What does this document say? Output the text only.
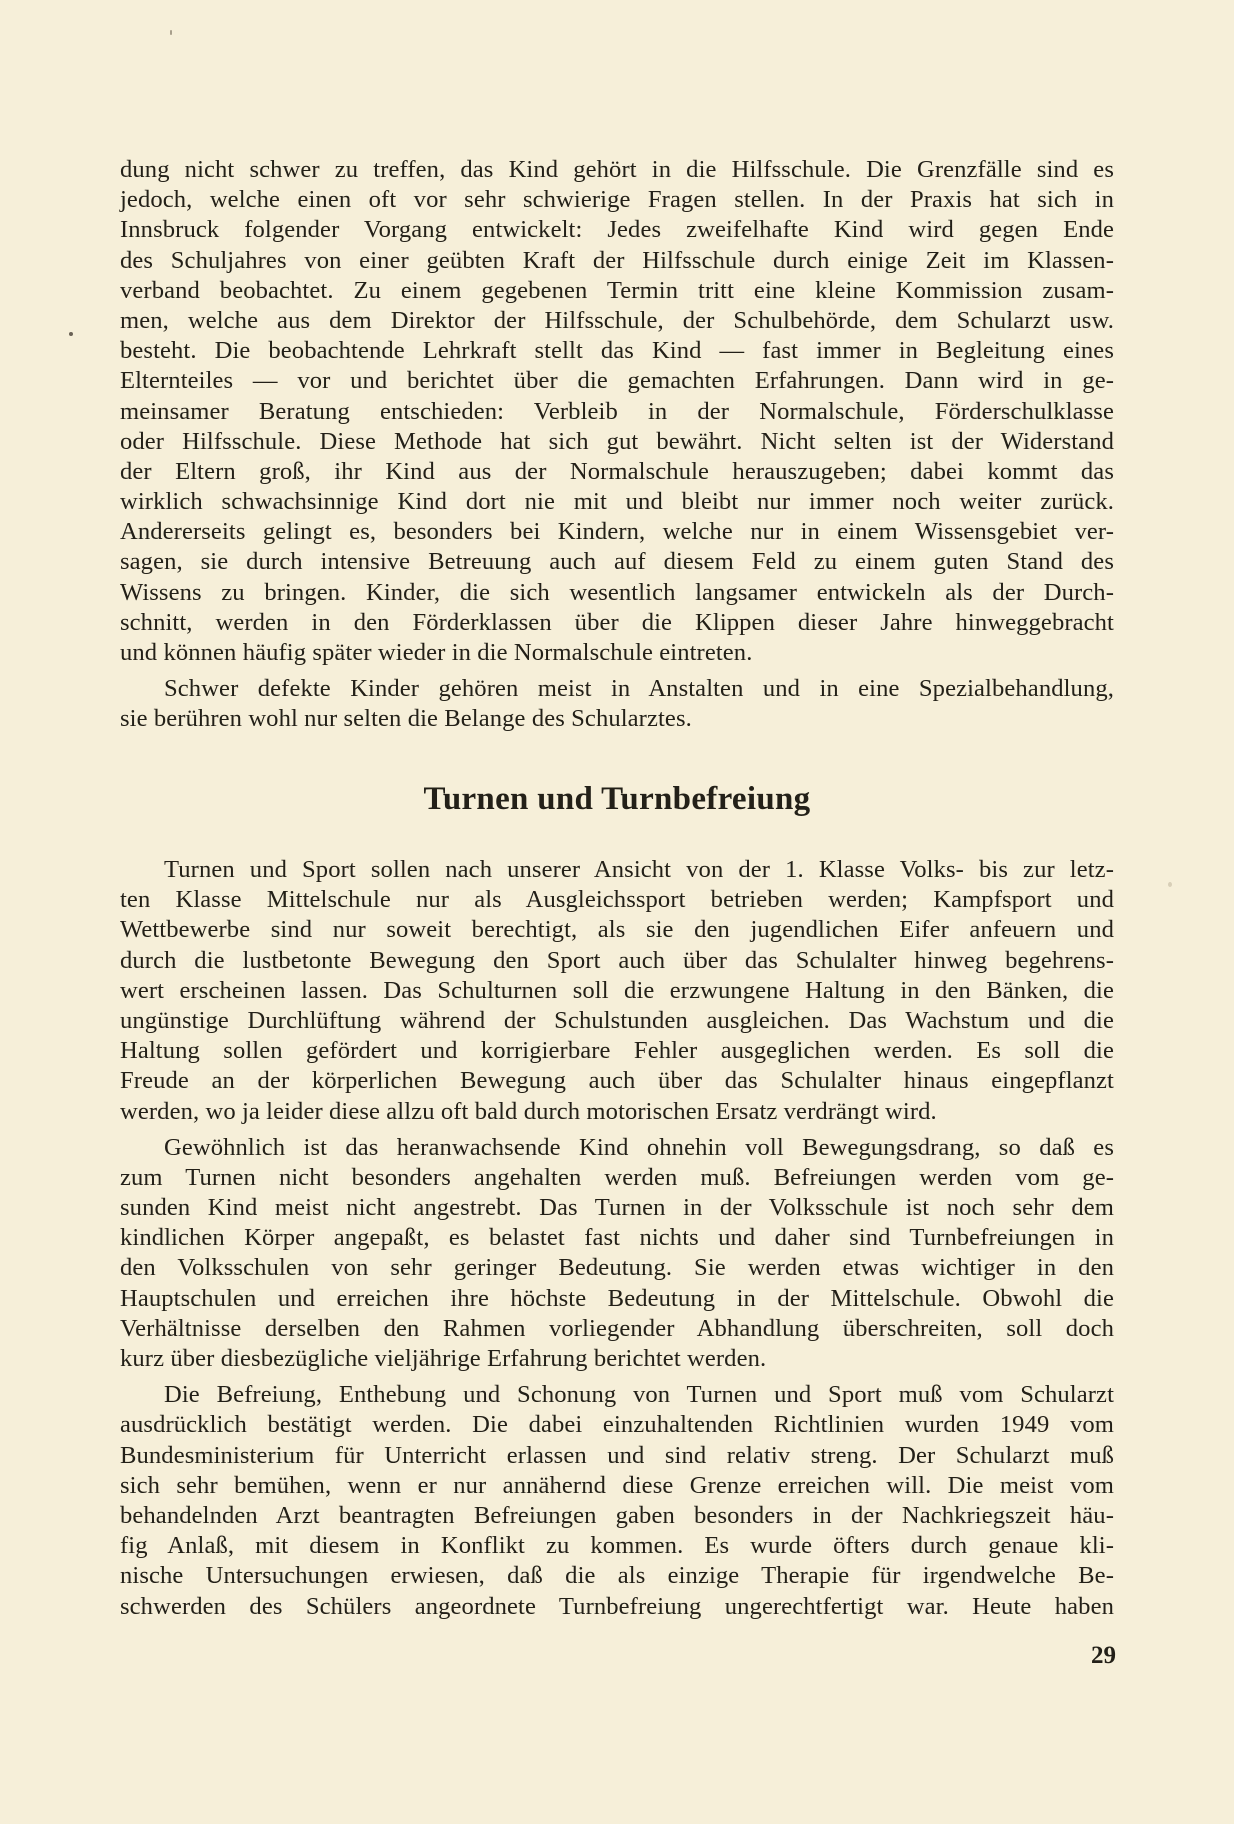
dung nicht schwer zu treffen, das Kind gehört in die Hilfsschule. Die Grenzfälle sind es
jedoch, welche einen oft vor sehr schwierige Fragen stellen. In der Praxis hat sich in
Innsbruck folgender Vorgang entwickelt: Jedes zweifelhafte Kind wird gegen Ende
des Schuljahres von einer geübten Kraft der Hilfsschule durch einige Zeit im Klassen-
verband beobachtet. Zu einem gegebenen Termin tritt eine kleine Kommission zusam-
men, welche aus dem Direktor der Hilfsschule, der Schulbehörde, dem Schularzt usw.
besteht. Die beobachtende Lehrkraft stellt das Kind — fast immer in Begleitung eines
Elternteiles — vor und berichtet über die gemachten Erfahrungen. Dann wird in ge-
meinsamer Beratung entschieden: Verbleib in der Normalschule, Förderschulklasse
oder Hilfsschule. Diese Methode hat sich gut bewährt. Nicht selten ist der Widerstand
der Eltern groß, ihr Kind aus der Normalschule herauszugeben; dabei kommt das
wirklich schwachsinnige Kind dort nie mit und bleibt nur immer noch weiter zurück.
Andererseits gelingt es, besonders bei Kindern, welche nur in einem Wissensgebiet ver-
sagen, sie durch intensive Betreuung auch auf diesem Feld zu einem guten Stand des
Wissens zu bringen. Kinder, die sich wesentlich langsamer entwickeln als der Durch-
schnitt, werden in den Förderklassen über die Klippen dieser Jahre hinweggebracht
und können häufig später wieder in die Normalschule eintreten.

Schwer defekte Kinder gehören meist in Anstalten und in eine Spezialbehandlung,
sie berühren wohl nur selten die Belange des Schularztes.

Turnen und Turnbefreiung

Turnen und Sport sollen nach unserer Ansicht von der 1. Klasse Volks- bis zur letz-
ten Klasse Mittelschule nur als Ausgleichssport betrieben werden; Kampfsport und
Wettbewerbe sind nur soweit berechtigt, als sie den jugendlichen Eifer anfeuern und
durch die lustbetonte Bewegung den Sport auch über das Schulalter hinweg begehrens-
wert erscheinen lassen. Das Schulturnen soll die erzwungene Haltung in den Bänken, die
ungünstige Durchlüftung während der Schulstunden ausgleichen. Das Wachstum und die
Haltung sollen gefördert und korrigierbare Fehler ausgeglichen werden. Es soll die
Freude an der körperlichen Bewegung auch über das Schulalter hinaus eingepflanzt
werden, wo ja leider diese allzu oft bald durch motorischen Ersatz verdrängt wird.

Gewöhnlich ist das heranwachsende Kind ohnehin voll Bewegungsdrang, so daß es
zum Turnen nicht besonders angehalten werden muß. Befreiungen werden vom ge-
sunden Kind meist nicht angestrebt. Das Turnen in der Volksschule ist noch sehr dem
kindlichen Körper angepaßt, es belastet fast nichts und daher sind Turnbefreiungen in
den Volksschulen von sehr geringer Bedeutung. Sie werden etwas wichtiger in den
Hauptschulen und erreichen ihre höchste Bedeutung in der Mittelschule. Obwohl die
Verhältnisse derselben den Rahmen vorliegender Abhandlung überschreiten, soll doch
kurz über diesbezügliche vieljährige Erfahrung berichtet werden.

Die Befreiung, Enthebung und Schonung von Turnen und Sport muß vom Schularzt
ausdrücklich bestätigt werden. Die dabei einzuhaltenden Richtlinien wurden 1949 vom
Bundesministerium für Unterricht erlassen und sind relativ streng. Der Schularzt muß
sich sehr bemühen, wenn er nur annähernd diese Grenze erreichen will. Die meist vom
behandelnden Arzt beantragten Befreiungen gaben besonders in der Nachkriegszeit häu-
fig Anlaß, mit diesem in Konflikt zu kommen. Es wurde öfters durch genaue kli-
nische Untersuchungen erwiesen, daß die als einzige Therapie für irgendwelche Be-
schwerden des Schülers angeordnete Turnbefreiung ungerechtfertigt war. Heute haben

29
